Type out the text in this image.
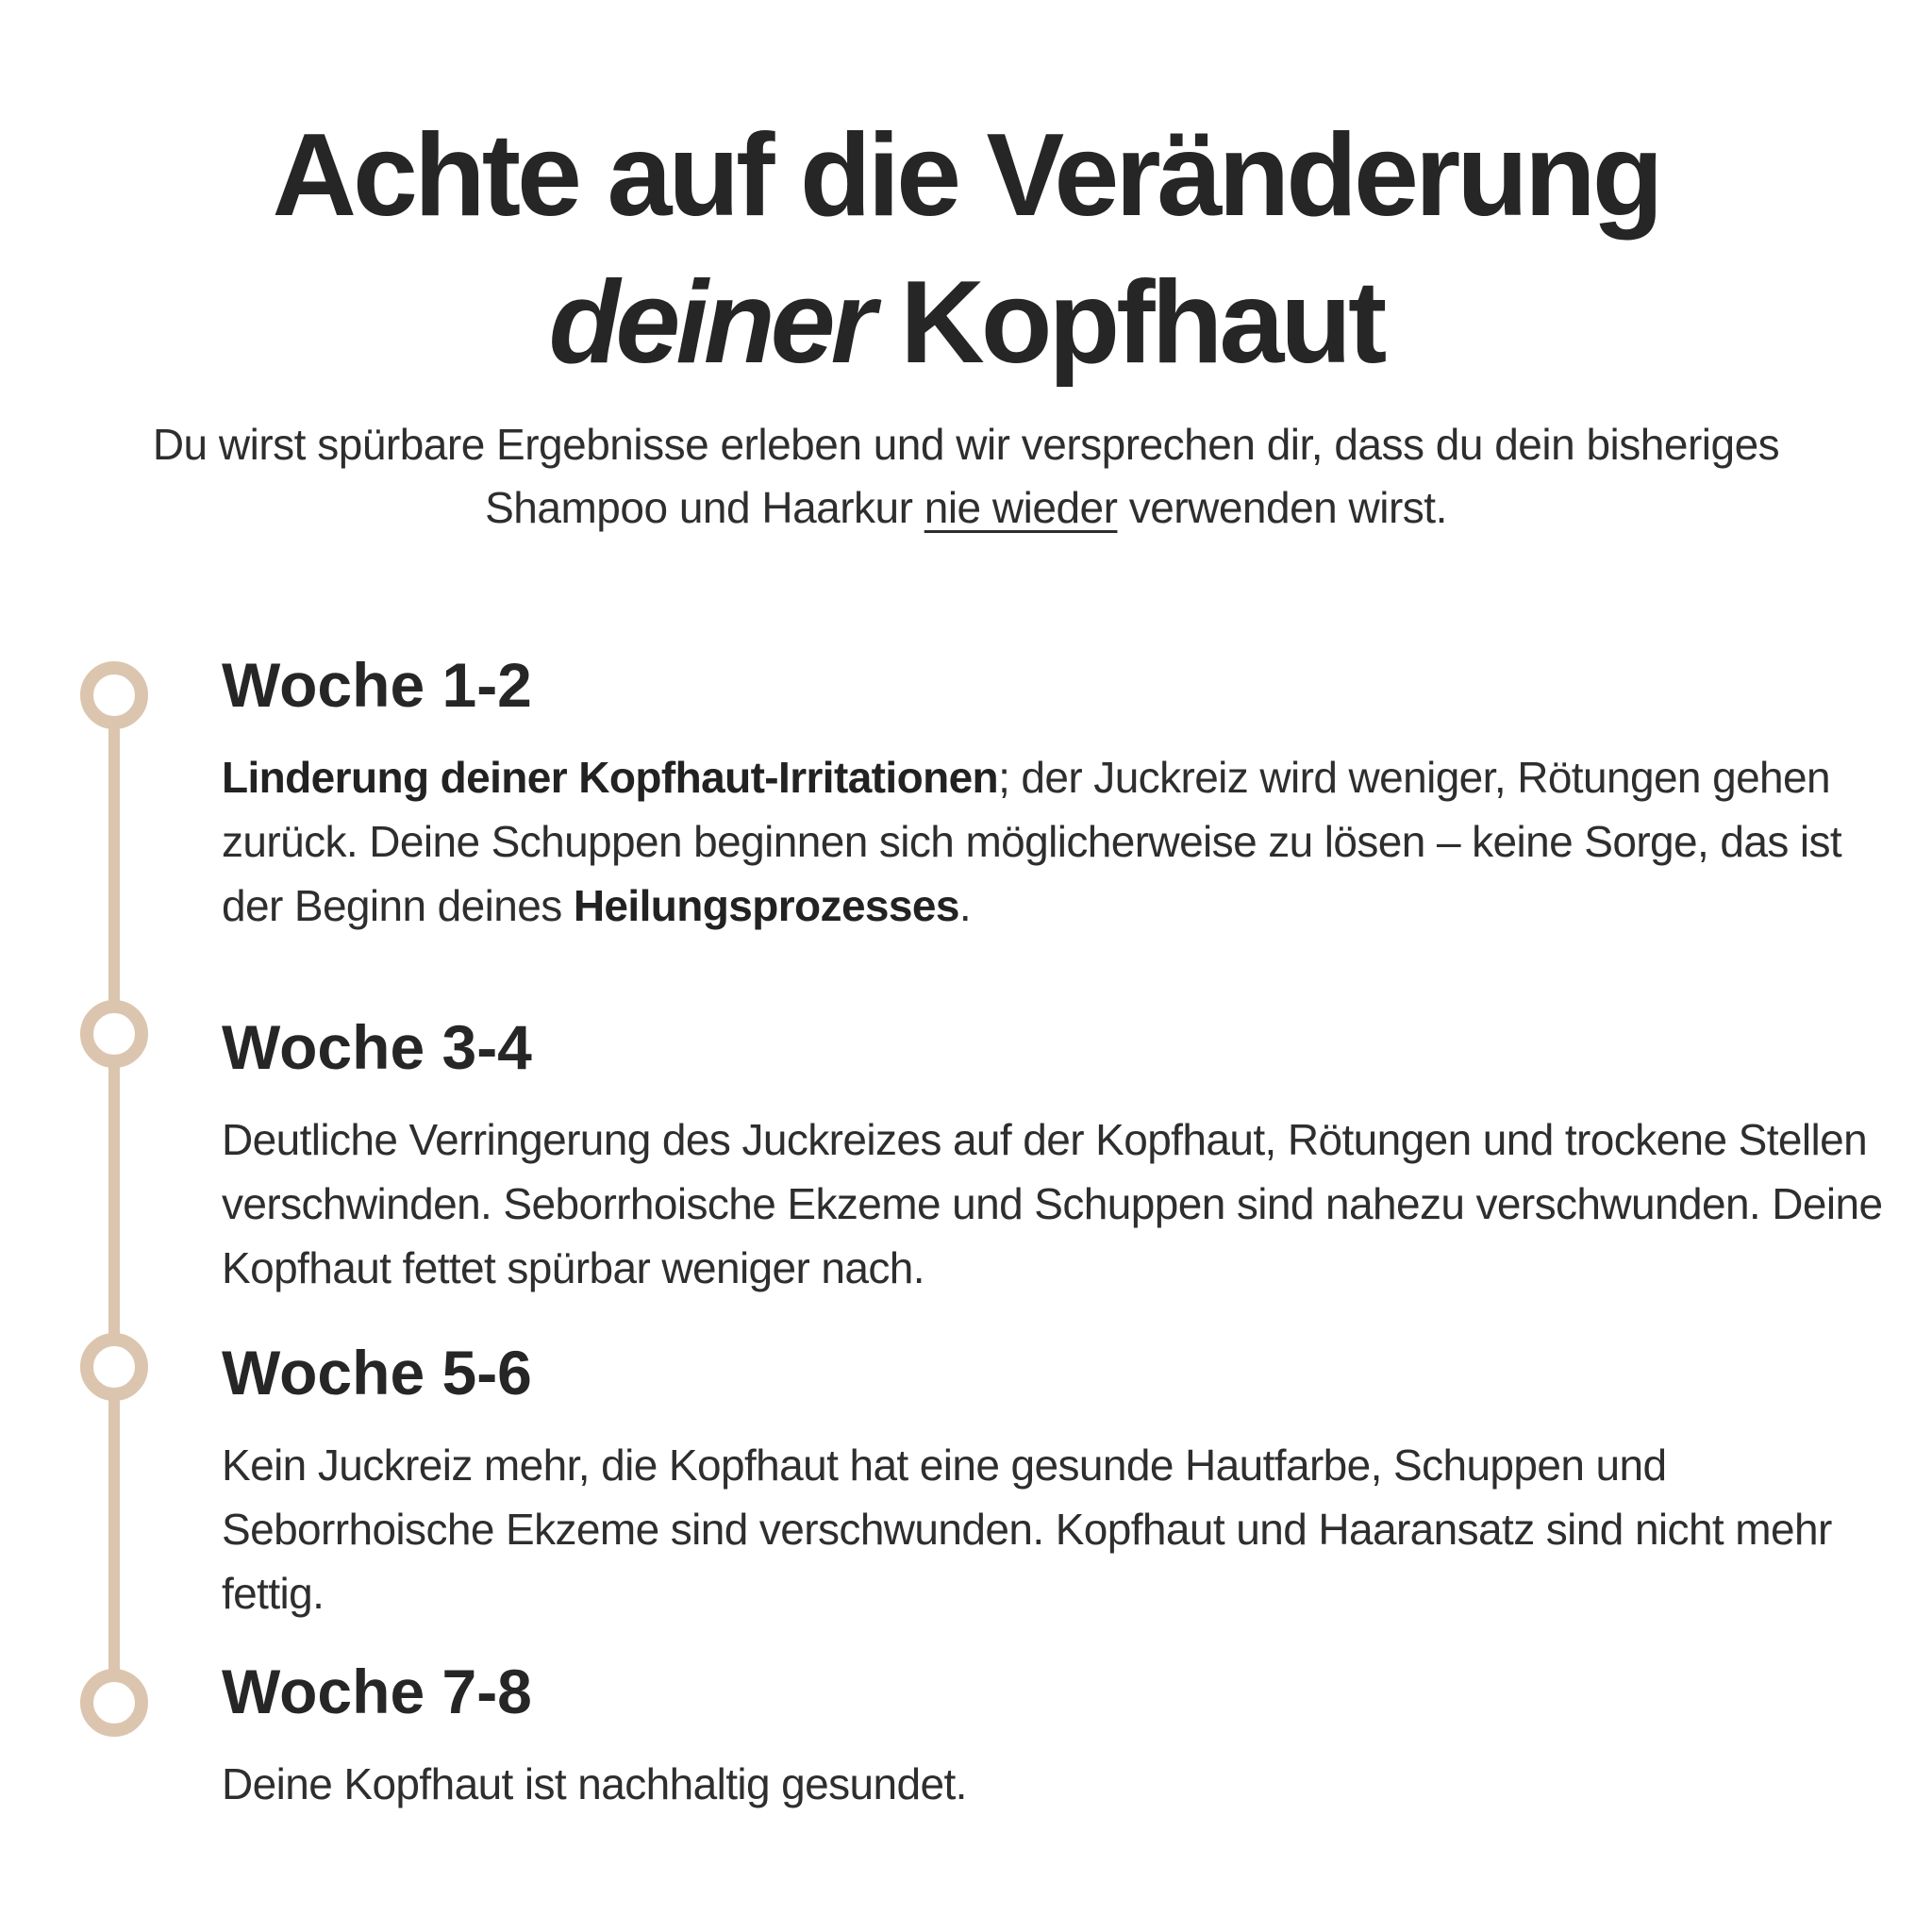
Achte auf die Veränderung
deiner Kopfhaut

Du wirst spürbare Ergebnisse erleben und wir versprechen dir, dass du dein bisheriges Shampoo und Haarkur nie wieder verwenden wirst.

Woche 1-2

Linderung deiner Kopfhaut-Irritationen; der Juckreiz wird weniger, Rötungen gehen zurück. Deine Schuppen beginnen sich möglicherweise zu lösen – keine Sorge, das ist der Beginn deines Heilungsprozesses.

Woche 3-4

Deutliche Verringerung des Juckreizes auf der Kopfhaut, Rötungen und trockene Stellen verschwinden. Seborrhoische Ekzeme und Schuppen sind nahezu verschwunden. Deine Kopfhaut fettet spürbar weniger nach.

Woche 5-6

Kein Juckreiz mehr, die Kopfhaut hat eine gesunde Hautfarbe, Schuppen und Seborrhoische Ekzeme sind verschwunden. Kopfhaut und Haaransatz sind nicht mehr fettig.

Woche 7-8

Deine Kopfhaut ist nachhaltig gesundet.
